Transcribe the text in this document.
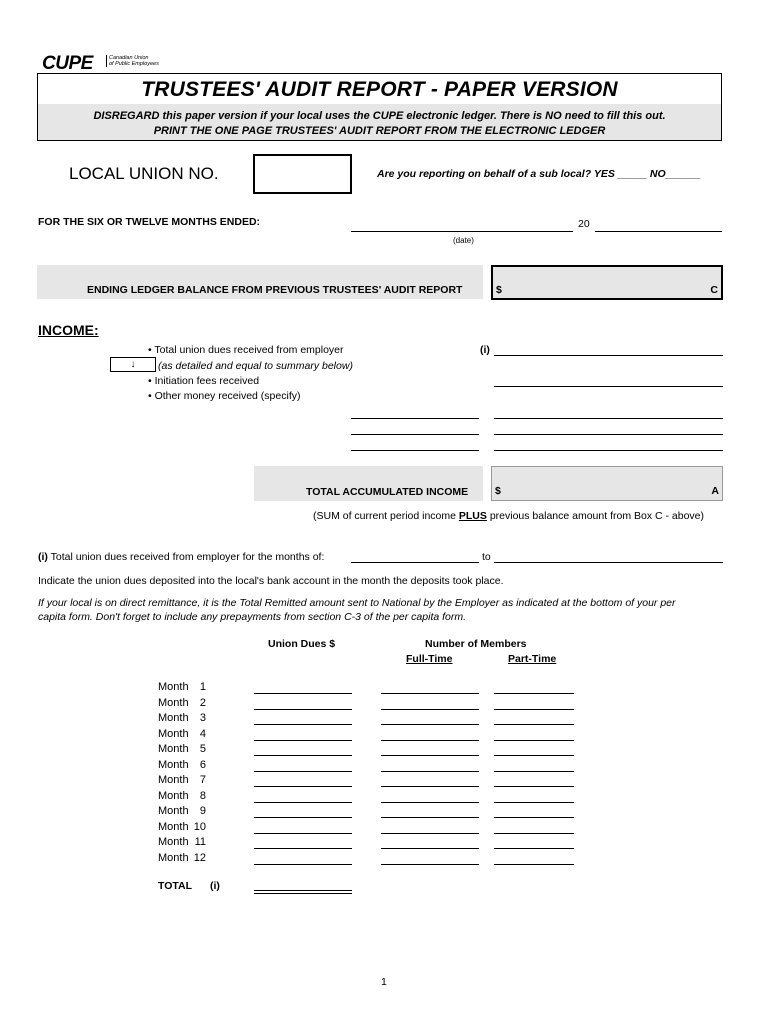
CUPE	Canadian Union
of Public Employees
TRUSTEES' AUDIT REPORT - PAPER VERSION
DISREGARD this paper version if your local uses the CUPE electronic ledger. There is NO need to fill this out.
PRINT THE ONE PAGE TRUSTEES' AUDIT REPORT FROM THE ELECTRONIC LEDGER
LOCAL UNION NO.	Are you reporting on behalf of a sub local? YES _____ NO______
FOR THE SIX OR TWELVE MONTHS ENDED:	20
(date)
ENDING LEDGER BALANCE FROM PREVIOUS TRUSTEES' AUDIT REPORT	$	C
INCOME:
• Total union dues received from employer
↓	(as detailed and equal to summary below)
(i)
• Initiation fees received
• Other money received (specify)
TOTAL ACCUMULATED INCOME	$	A
(SUM of current period income PLUS previous balance amount from Box C - above)
(i) Total union dues received from employer for the months of:	to
Indicate the union dues deposited into the local's bank account in the month the deposits took place.
If your local is on direct remittance, it is the Total Remitted amount sent to National by the Employer as indicated at the bottom of your per
capita form. Don't forget to include any prepayments from section C-3 of the per capita form.
Union Dues $	Number of Members
Full-Time	Part-Time
Month 1
Month 2
Month 3
Month 4
Month 5
Month 6
Month 7
Month 8
Month 9
Month 10
Month 11
Month 12
TOTAL (i)
1
